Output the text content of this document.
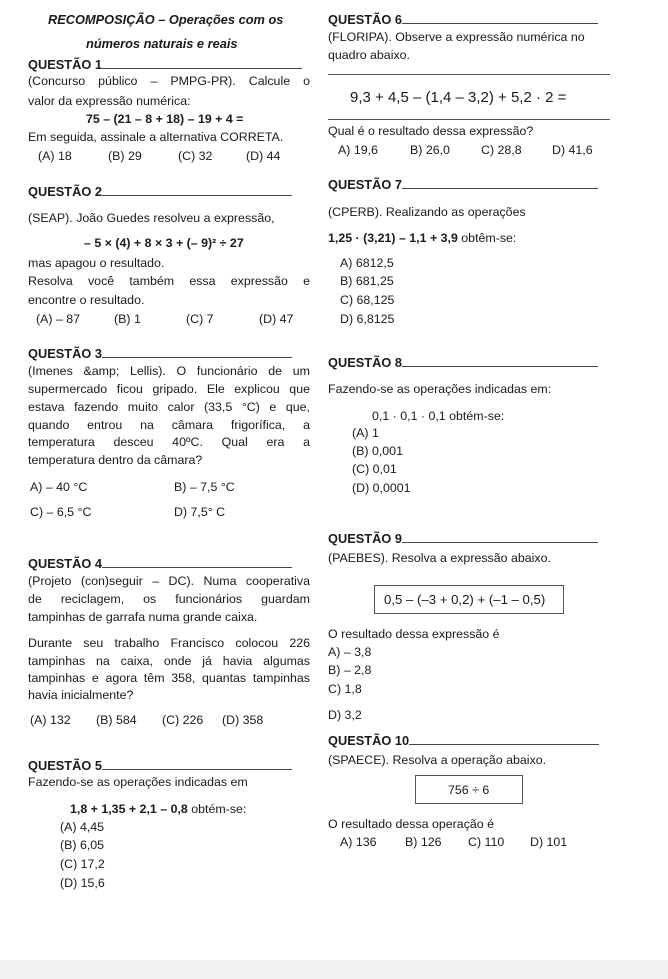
RECOMPOSIÇÃO – Operações com os
números naturais e reais
QUESTÃO 1
(Concurso público – PMPG-PR). Calcule o
valor da expressão numérica:
75 – (21 – 8 + 18) – 19 + 4 =
Em seguida, assinale a alternativa CORRETA.
(A) 18	(B) 29	(C) 32	(D) 44
QUESTÃO 2
(SEAP). João Guedes resolveu a expressão,
– 5 × (4) + 8 × 3 + (– 9)² ÷ 27
mas apagou o resultado.
Resolva você também essa expressão e
encontre o resultado.
(A) – 87	(B) 1	(C) 7	(D) 47
QUESTÃO 3
(Imenes &amp; Lellis). O funcionário de um
supermercado ficou gripado. Ele explicou que
estava fazendo muito calor (33,5 °C) e que,
quando entrou na câmara frigorífica, a
temperatura desceu 40ºC. Qual era a
temperatura dentro da câmara?
A) – 40 °C	B) – 7,5 °C
C) – 6,5 °C	D) 7,5° C
QUESTÃO 4
(Projeto (con)seguir – DC). Numa cooperativa
de reciclagem, os funcionários guardam
tampinhas de garrafa numa grande caixa.
Durante seu trabalho Francisco colocou 226
tampinhas na caixa, onde já havia algumas
tampinhas e agora têm 358, quantas tampinhas
havia inicialmente?
(A) 132 (B) 584 (C) 226 (D) 358
QUESTÃO 5
Fazendo-se as operações indicadas em
1,8 + 1,35 + 2,1 – 0,8 obtém-se:
(A) 4,45
(B) 6,05
(C) 17,2
(D) 15,6
QUESTÃO 6
(FLORIPA). Observe a expressão numérica no
quadro abaixo.
9,3 + 4,5 – (1,4 – 3,2) + 5,2 · 2 =
Qual é o resultado dessa expressão?
A) 19,6	B) 26,0	C) 28,8 D) 41,6
QUESTÃO 7
(CPERB). Realizando as operações
1,25 · (3,21) – 1,1 + 3,9 obtêm-se:
A) 6812,5
B) 681,25
C) 68,125
D) 6,8125
QUESTÃO 8
Fazendo-se as operações indicadas em:
0,1 · 0,1 · 0,1 obtém-se:
(A) 1
(B) 0,001
(C) 0,01
(D) 0,0001
QUESTÃO 9
(PAEBES). Resolva a expressão abaixo.
0,5 – (–3 + 0,2) + (–1 – 0,5)
O resultado dessa expressão é
A) – 3,8
B) – 2,8
C) 1,8
D) 3,2
QUESTÃO 10
(SPAECE). Resolva a operação abaixo.
756 ÷ 6
O resultado dessa operação é
A) 136 B) 126 C) 110 D) 101
